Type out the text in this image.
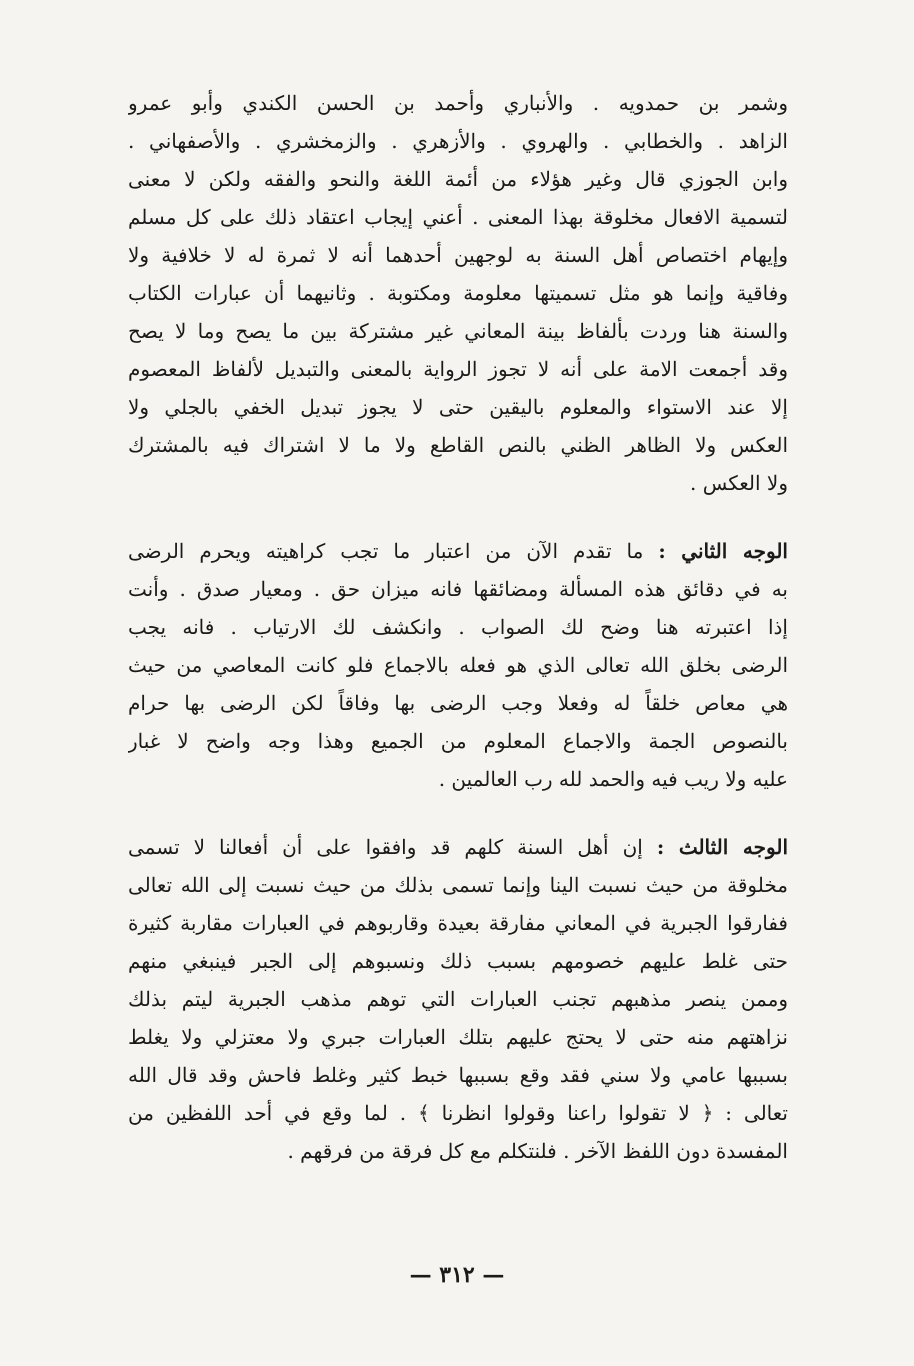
وشمر بن حمدويه . والأنباري وأحمد بن الحسن الكندي وأبو عمرو
الزاهد . والخطابي . والهروي . والأزهري . والزمخشري . والأصفهاني .
وابن الجوزي قال وغير هؤلاء من أئمة اللغة والنحو والفقه ولكن لا معنى
لتسمية الافعال مخلوقة بهذا المعنى . أعني إيجاب اعتقاد ذلك على كل مسلم
وإيهام اختصاص أهل السنة به لوجهين أحدهما أنه لا ثمرة له لا خلافية ولا
وفاقية وإنما هو مثل تسميتها معلومة ومكتوبة . وثانيهما أن عبارات الكتاب
والسنة هنا وردت بألفاظ بينة المعاني غير مشتركة بين ما يصح وما لا يصح
وقد أجمعت الامة على أنه لا تجوز الرواية بالمعنى والتبديل لألفاظ المعصوم
إلا عند الاستواء والمعلوم باليقين حتى لا يجوز تبديل الخفي بالجلي ولا
العكس ولا الظاهر الظني بالنص القاطع ولا ما لا اشتراك فيه بالمشترك
ولا العكس .
الوجه الثاني : ما تقدم الآن من اعتبار ما تجب كراهيته ويحرم الرضى
به في دقائق هذه المسألة ومضائقها فانه ميزان حق . ومعيار صدق . وأنت
إذا اعتبرته هنا وضح لك الصواب . وانكشف لك الارتياب . فانه يجب
الرضى بخلق الله تعالى الذي هو فعله بالاجماع فلو كانت المعاصي من حيث
هي معاص خلقاً له وفعلا وجب الرضى بها وفاقاً لكن الرضى بها حرام
بالنصوص الجمة والاجماع المعلوم من الجميع وهذا وجه واضح لا غبار
عليه ولا ريب فيه والحمد لله رب العالمين .
الوجه الثالث : إن أهل السنة كلهم قد وافقوا على أن أفعالنا لا تسمى
مخلوقة من حيث نسبت الينا وإنما تسمى بذلك من حيث نسبت إلى الله تعالى
ففارقوا الجبرية في المعاني مفارقة بعيدة وقاربوهم في العبارات مقاربة كثيرة
حتى غلط عليهم خصومهم بسبب ذلك ونسبوهم إلى الجبر فينبغي منهم
وممن ينصر مذهبهم تجنب العبارات التي توهم مذهب الجبرية ليتم بذلك
نزاهتهم منه حتى لا يحتج عليهم بتلك العبارات جبري ولا معتزلي ولا يغلط
بسببها عامي ولا سني فقد وقع بسببها خبط كثير وغلط فاحش وقد قال الله
تعالى : ﴿ لا تقولوا راعنا وقولوا انظرنا ﴾ . لما وقع في أحد اللفظين من
المفسدة دون اللفظ الآخر . فلنتكلم مع كل فرقة من فرقهم .
— ٣١٢ —
